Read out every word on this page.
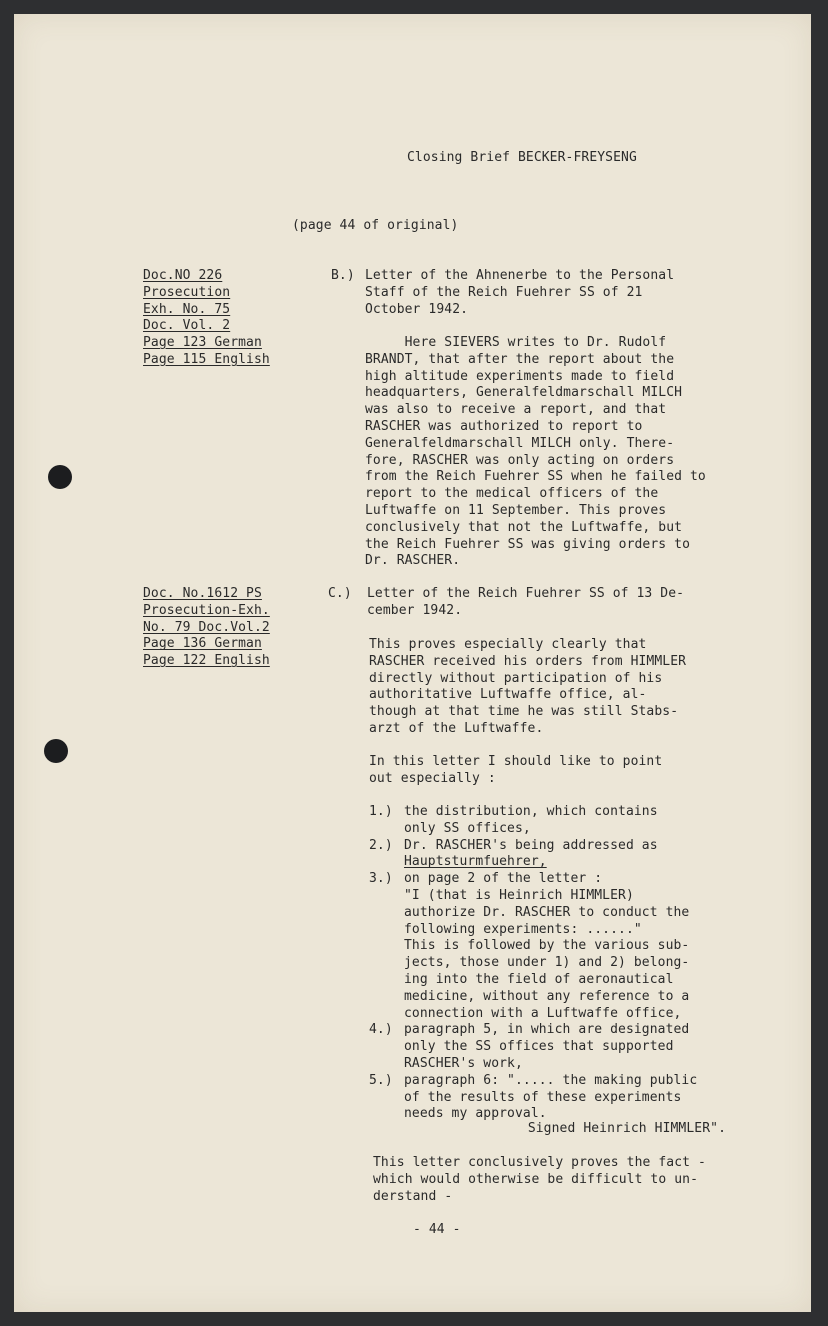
Closing Brief BECKER-FREYSENG
(page 44 of original)
Doc.NO 226
Prosecution
Exh. No. 75
Doc. Vol. 2
Page 123 German
Page 115 English
B.) Letter of the Ahnenerbe to the Personal
Staff of the Reich Fuehrer SS of 21
October 1942.
Here SIEVERS writes to Dr. Rudolf
BRANDT, that after the report about the
high altitude experiments made to field
headquarters, Generalfeldmarschall MILCH
was also to receive a report, and that
RASCHER was authorized to report to
Generalfeldmarschall MILCH only. There-
fore, RASCHER was only acting on orders
from the Reich Fuehrer SS when he failed to
report to the medical officers of the
Luftwaffe on 11 September. This proves
conclusively that not the Luftwaffe, but
the Reich Fuehrer SS was giving orders to
Dr. RASCHER.
Doc. No.1612 PS
Prosecution-Exh.
No. 79 Doc.Vol.2
Page 136 German
Page 122 English
C.) Letter of the Reich Fuehrer SS of 13 De-
cember 1942.
This proves especially clearly that
RASCHER received his orders from HIMMLER
directly without participation of his
authoritative Luftwaffe office, al-
though at that time he was still Stabs-
arzt of the Luftwaffe.
In this letter I should like to point
out especially :
1.) the distribution, which contains
only SS offices,
2.) Dr. RASCHER's being addressed as
Hauptsturmfuehrer,
3.) on page 2 of the letter :
"I (that is Heinrich HIMMLER)
authorize Dr. RASCHER to conduct the
following experiments: ......"
This is followed by the various sub-
jects, those under 1) and 2) belong-
ing into the field of aeronautical
medicine, without any reference to a
connection with a Luftwaffe office,
4.) paragraph 5, in which are designated
only the SS offices that supported
RASCHER's work,
5.) paragraph 6: "..... the making public
of the results of these experiments
needs my approval.
Signed Heinrich HIMMLER".
This letter conclusively proves the fact -
which would otherwise be difficult to un-
derstand -
- 44 -
